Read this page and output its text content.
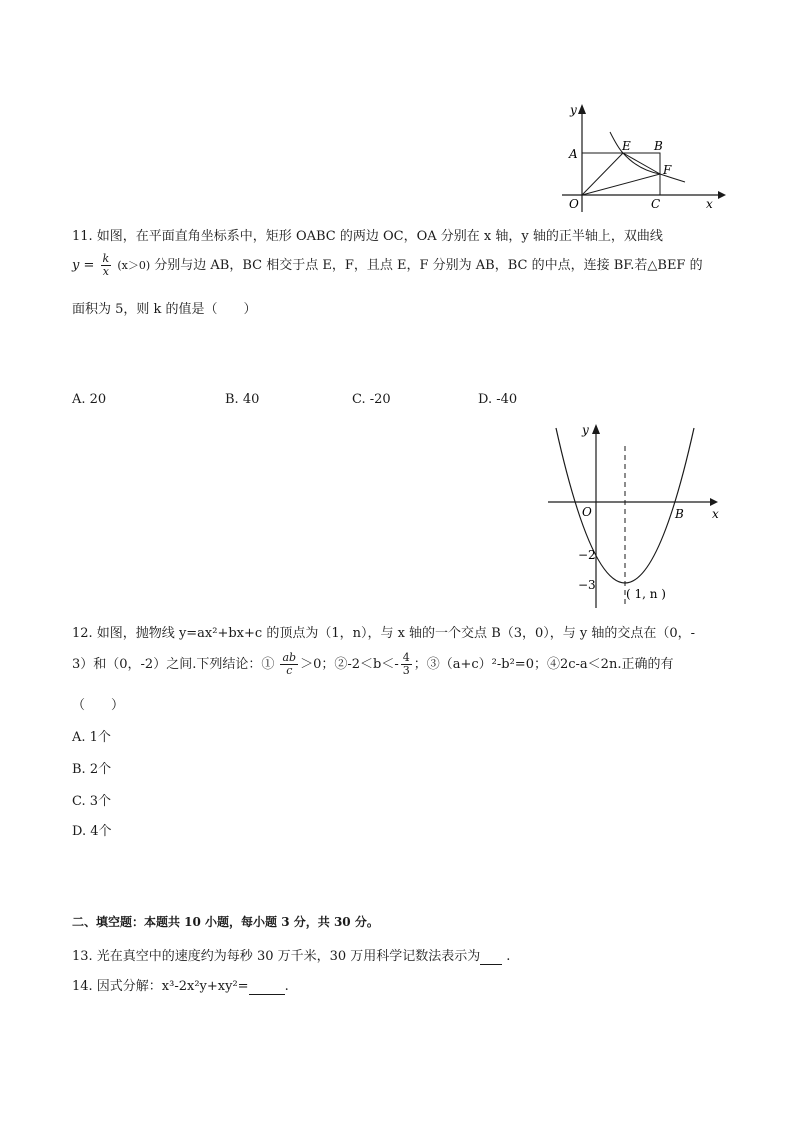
y
x
A
E B
F
O	C
11. 如图，在平面直角坐标系中，矩形 OABC 的两边 OC，OA 分别在 x 轴，y 轴的正半轴上，双曲线
$y = \frac{k}{x} (x>0)$ 分别与边 AB，BC 相交于点 E，F，且点 E，F 分别为 AB，BC 的中点，连接 BF.若△BEF 的
面积为 5，则 k 的值是（　　）
A. 20	B. 40	C. -20	D. -40
y
x
O	B
−2
−3
( 1, n )
12. 如图，抛物线 y=ax²+bx+c 的顶点为（1，n），与 x 轴的一个交点 B（3，0），与 y 轴的交点在（0，-
3）和（0，-2）之间.下列结论：① $\frac{ab}{c} >0$；②-2＜b＜- $\frac{4}{3}$ ；③（a+c）²-b²=0；④2c-a＜2n.正确的有
（　　）
A. 1个
B. 2个
C. 3个
D. 4个
二、填空题：本题共 10 小题，每小题 3 分，共 30 分。
13. 光在真空中的速度约为每秒 30 万千米，30 万用科学记数法表示为 .
14. 因式分解：x³-2x²y+xy²=	.
